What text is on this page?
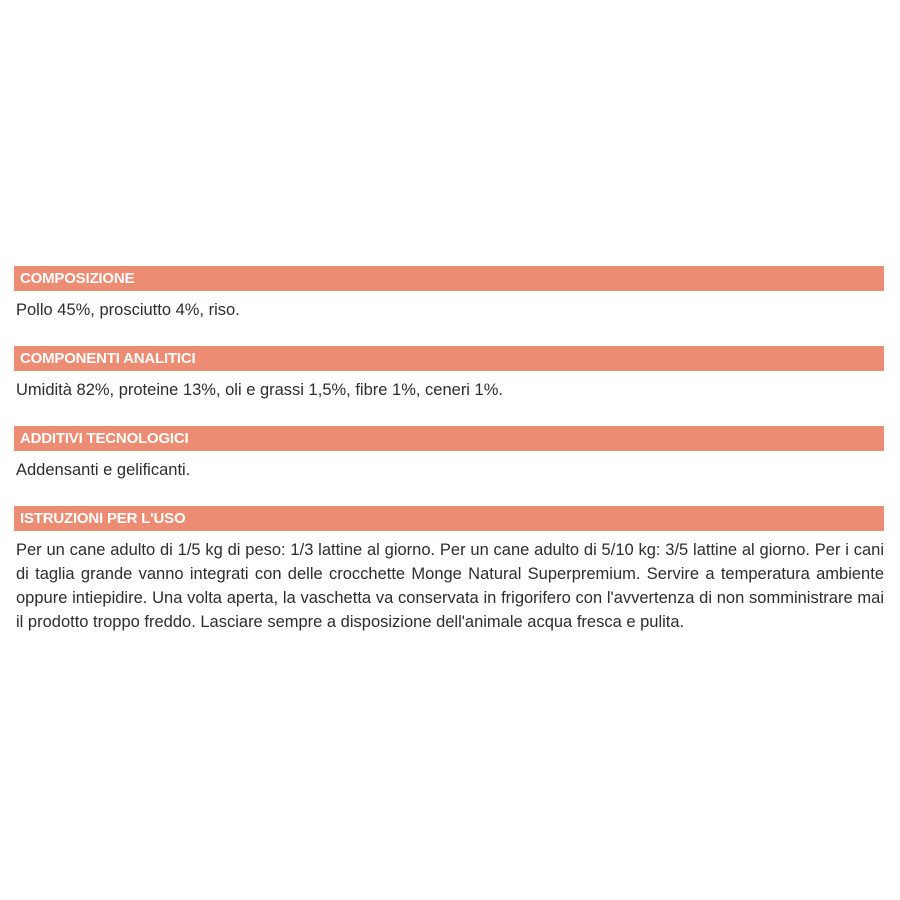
COMPOSIZIONE
Pollo 45%, prosciutto 4%, riso.
COMPONENTI ANALITICI
Umidità 82%, proteine 13%, oli e grassi 1,5%, fibre 1%, ceneri 1%.
ADDITIVI TECNOLOGICI
Addensanti e gelificanti.
ISTRUZIONI PER L'USO
Per un cane adulto di 1/5 kg di peso: 1/3 lattine al giorno. Per un cane adulto di 5/10 kg: 3/5 lattine al giorno. Per i cani di taglia grande vanno integrati con delle crocchette Monge Natural Superpremium. Servire a temperatura ambiente oppure intiepidire. Una volta aperta, la vaschetta va conservata in frigorifero con l'avvertenza di non somministrare mai il prodotto troppo freddo. Lasciare sempre a disposizione dell'animale acqua fresca e pulita.
